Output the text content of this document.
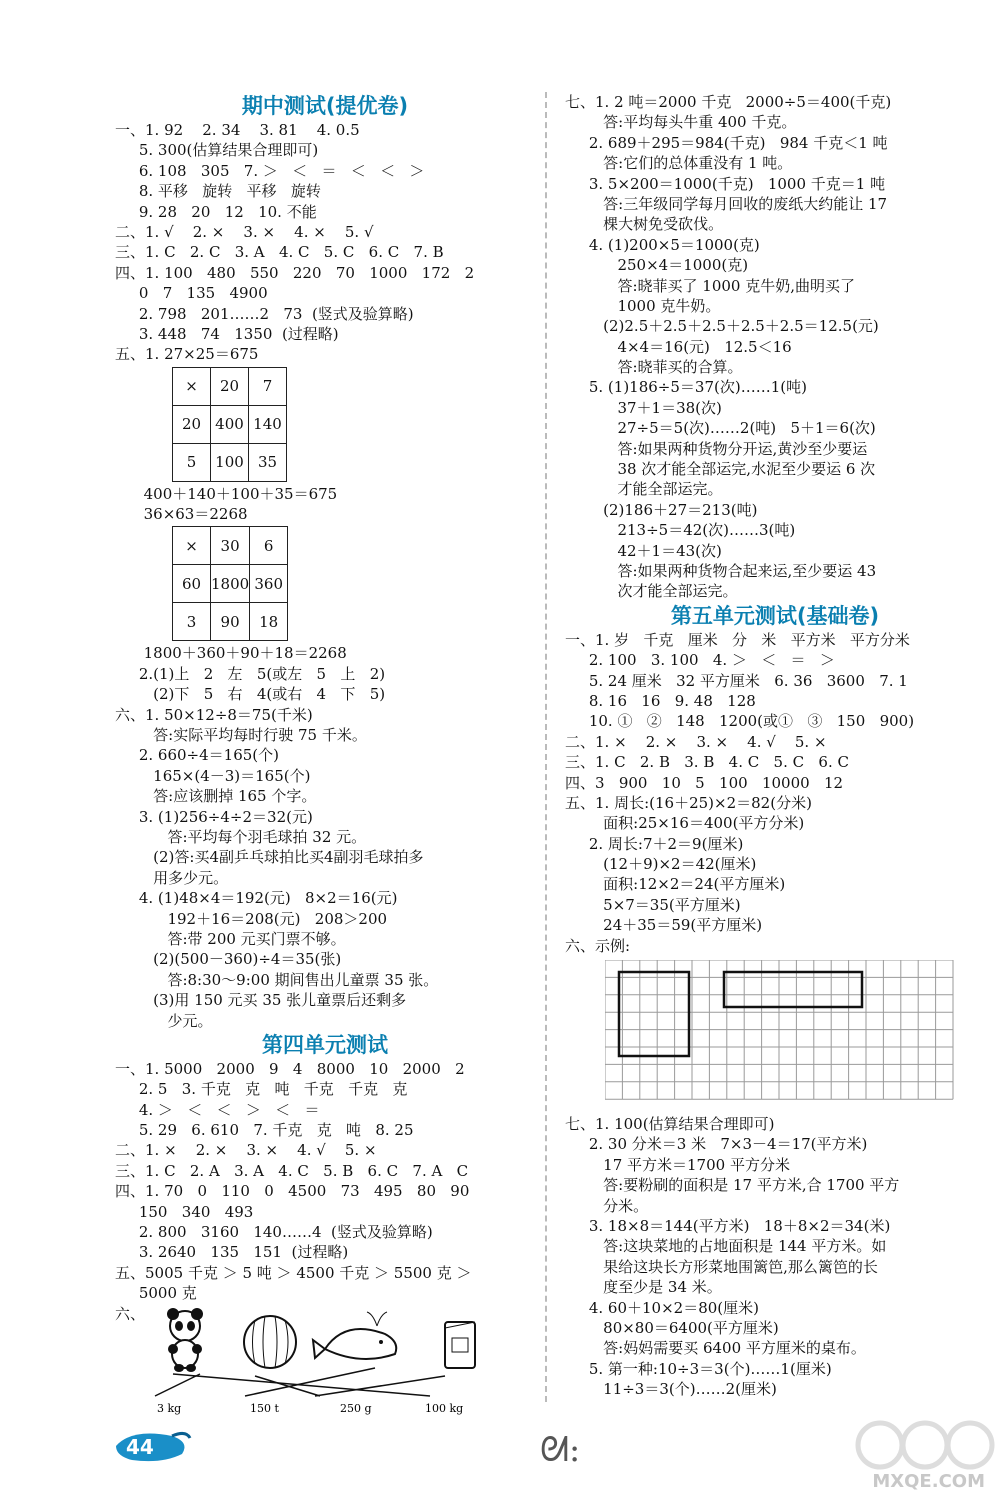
期中测试(提优卷)
一、1. 92    2. 34    3. 81    4. 0.5
5. 300(估算结果合理即可)
6. 108   305   7. ＞   ＜   ＝   ＜   ＜   ＞
8. 平移   旋转   平移   旋转
9. 28   20   12   10. 不能
二、1. √    2. ×    3. ×    4. ×    5. √
三、1. C   2. C   3. A   4. C   5. C   6. C   7. B
四、1. 100   480   550   220   70   1000   172   2
0   7   135   4900
2. 798   201……2   73  (竖式及验算略)
3. 448   74   1350  (过程略)
五、1. 27×25＝675
×	20	7
20	400	140
5	100	35
400＋140＋100＋35＝675
36×63＝2268
×	30	6
60	1800	360
3	90	18
1800＋360＋90＋18＝2268
2.(1)上   2   左   5(或左   5   上   2)
(2)下   5   右   4(或右   4   下   5)
六、1. 50×12÷8＝75(千米)
答:实际平均每时行驶 75 千米。
2. 660÷4＝165(个)
165×(4－3)＝165(个)
答:应该删掉 165 个字。
3. (1)256÷4÷2＝32(元)
答:平均每个羽毛球拍 32 元。
(2)答:买4副乒乓球拍比买4副羽毛球拍多
用多少元。
4. (1)48×4＝192(元)   8×2＝16(元)
192＋16＝208(元)   208＞200
答:带 200 元买门票不够。
(2)(500－360)÷4＝35(张)
答:8:30～9:00 期间售出儿童票 35 张。
(3)用 150 元买 35 张儿童票后还剩多
少元。
第四单元测试
一、1. 5000   2000   9   4   8000   10   2000   2
2. 5   3. 千克   克   吨   千克   千克   克
4. ＞   ＜   ＜   ＞   ＜   ＝
5. 29   6. 610   7. 千克   克   吨   8. 25
二、1. ×    2. ×    3. ×    4. √    5. ×
三、1. C   2. A   3. A   4. C   5. B   6. C   7. A   C
四、1. 70   0   110   0   4500   73   495   80   90
150   340   493
2. 800   3160   140……4  (竖式及验算略)
3. 2640   135   151  (过程略)
五、5005 千克 ＞ 5 吨 ＞ 4500 千克 ＞ 5500 克 ＞
5000 克
六、
3 kg	150 t	250 g	100 kg
七、1. 2 吨＝2000 千克   2000÷5＝400(千克)
答:平均每头牛重 400 千克。
2. 689＋295＝984(千克)   984 千克＜1 吨
答:它们的总体重没有 1 吨。
3. 5×200＝1000(千克)   1000 千克＝1 吨
答:三年级同学每月回收的废纸大约能让 17
棵大树免受砍伐。
4. (1)200×5＝1000(克)
250×4＝1000(克)
答:晓菲买了 1000 克牛奶,曲明买了
1000 克牛奶。
(2)2.5＋2.5＋2.5＋2.5＋2.5＝12.5(元)
4×4＝16(元)   12.5＜16
答:晓菲买的合算。
5. (1)186÷5＝37(次)……1(吨)
37＋1＝38(次)
27÷5＝5(次)……2(吨)   5＋1＝6(次)
答:如果两种货物分开运,黄沙至少要运
38 次才能全部运完,水泥至少要运 6 次
才能全部运完。
(2)186＋27＝213(吨)
213÷5＝42(次)……3(吨)
42＋1＝43(次)
答:如果两种货物合起来运,至少要运 43
次才能全部运完。
第五单元测试(基础卷)
一、1. 岁   千克   厘米   分   米   平方米   平方分米
2. 100   3. 100   4. ＞   ＜   ＝   ＞
5. 24 厘米   32 平方厘米   6. 36   3600   7. 1
8. 16   16   9. 48   128
10. ①   ②   148   1200(或①   ③   150   900)
二、1. ×    2. ×    3. ×    4. √    5. ×
三、1. C   2. B   3. B   4. C   5. C   6. C
四、3   900   10   5   100   10000   12
五、1. 周长:(16＋25)×2＝82(分米)
面积:25×16＝400(平方分米)
2. 周长:7＋2＝9(厘米)
(12＋9)×2＝42(厘米)
面积:12×2＝24(平方厘米)
5×7＝35(平方厘米)
24＋35＝59(平方厘米)
六、示例:
七、1. 100(估算结果合理即可)
2. 30 分米＝3 米   7×3－4＝17(平方米)
17 平方米＝1700 平方分米
答:要粉刷的面积是 17 平方米,合 1700 平方
分米。
3. 18×8＝144(平方米)   18＋8×2＝34(米)
答:这块菜地的占地面积是 144 平方米。如
果给这块长方形菜地围篱笆,那么篱笆的长
度至少是 34 米。
4. 60＋10×2＝80(厘米)
80×80＝6400(平方厘米)
答:妈妈需要买 6400 平方厘米的桌布。
5. 第一种:10÷3＝3(个)……1(厘米)
11÷3＝3(个)……2(厘米)
44	ᘛ:
MXQE.COM
